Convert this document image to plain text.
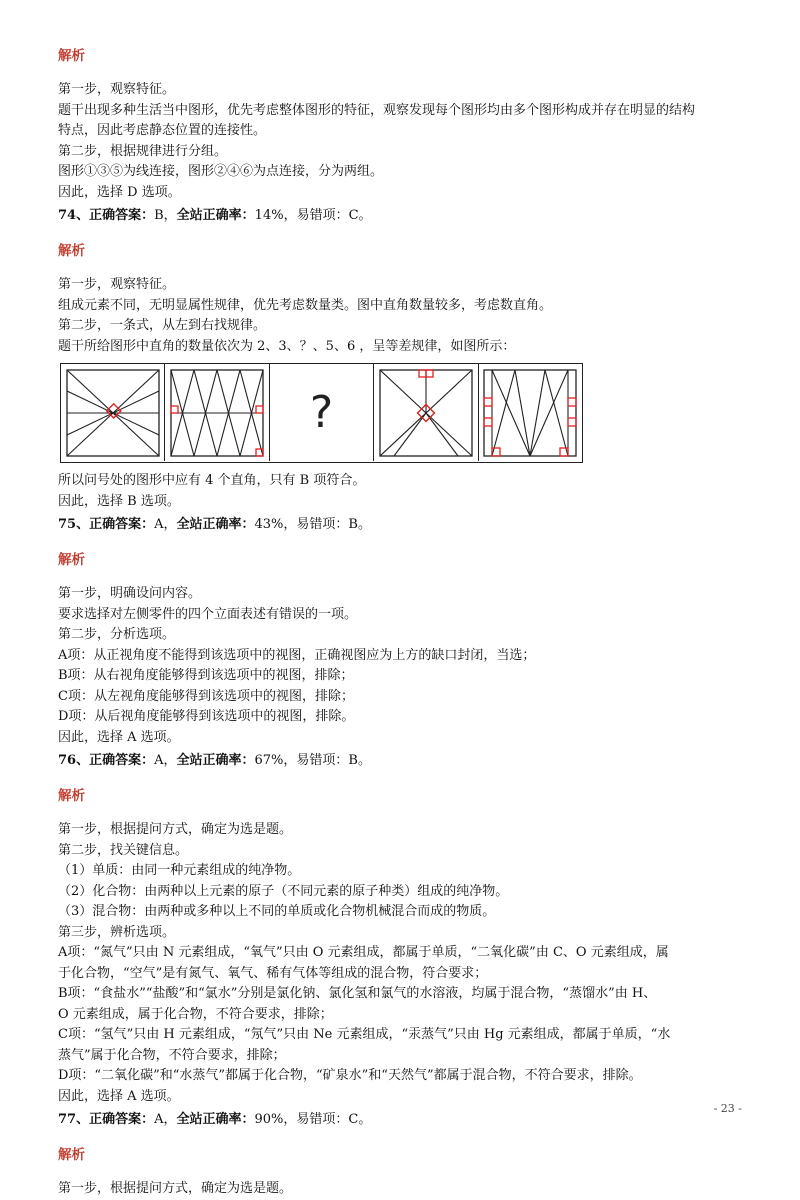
解析

第一步，观察特征。

题干出现多种生活当中图形，优先考虑整体图形的特征，观察发现每个图形均由多个图形构成并存在明显的结构

特点，因此考虑静态位置的连接性。

第二步，根据规律进行分组。

图形①③⑤为线连接，图形②④⑥为点连接，分为两组。

因此，选择 D 选项。

74、正确答案：B，全站正确率：14%，易错项：C。

解析

第一步，观察特征。

组成元素不同，无明显属性规律，优先考虑数量类。图中直角数量较多，考虑数直角。

第二步，一条式，从左到右找规律。

题干所给图形中直角的数量依次为 2、3、？、5、6 ，呈等差规律，如图所示：

?

所以问号处的图形中应有 4 个直角，只有 B 项符合。

因此，选择 B 选项。

75、正确答案：A，全站正确率：43%，易错项：B。

解析

第一步，明确设问内容。

要求选择对左侧零件的四个立面表述有错误的一项。

第二步，分析选项。

A项：从正视角度不能得到该选项中的视图，正确视图应为上方的缺口封闭，当选；

B项：从右视角度能够得到该选项中的视图，排除；

C项：从左视角度能够得到该选项中的视图，排除；

D项：从后视角度能够得到该选项中的视图，排除。

因此，选择 A 选项。

76、正确答案：A，全站正确率：67%，易错项：B。

解析

第一步，根据提问方式，确定为选是题。

第二步，找关键信息。

（1）单质：由同一种元素组成的纯净物。

（2）化合物：由两种以上元素的原子（不同元素的原子种类）组成的纯净物。

（3）混合物：由两种或多种以上不同的单质或化合物机械混合而成的物质。

第三步，辨析选项。

A项：“氮气”只由 N 元素组成，“氧气”只由 O 元素组成，都属于单质，“二氧化碳”由 C、O 元素组成，属

于化合物，“空气”是有氮气、氧气、稀有气体等组成的混合物，符合要求；

B项：“食盐水”“盐酸”和“氯水”分别是氯化钠、氯化氢和氯气的水溶液，均属于混合物，“蒸馏水”由 H、

O 元素组成，属于化合物，不符合要求，排除；

C项：“氢气”只由 H 元素组成，“氖气”只由 Ne 元素组成，“汞蒸气”只由 Hg 元素组成，都属于单质，“水

蒸气”属于化合物，不符合要求，排除；

D项：“二氧化碳”和“水蒸气”都属于化合物，“矿泉水”和“天然气”都属于混合物，不符合要求，排除。

因此，选择 A 选项。

77、正确答案：A，全站正确率：90%，易错项：C。

解析

第一步，根据提问方式，确定为选是题。

- 23 -
